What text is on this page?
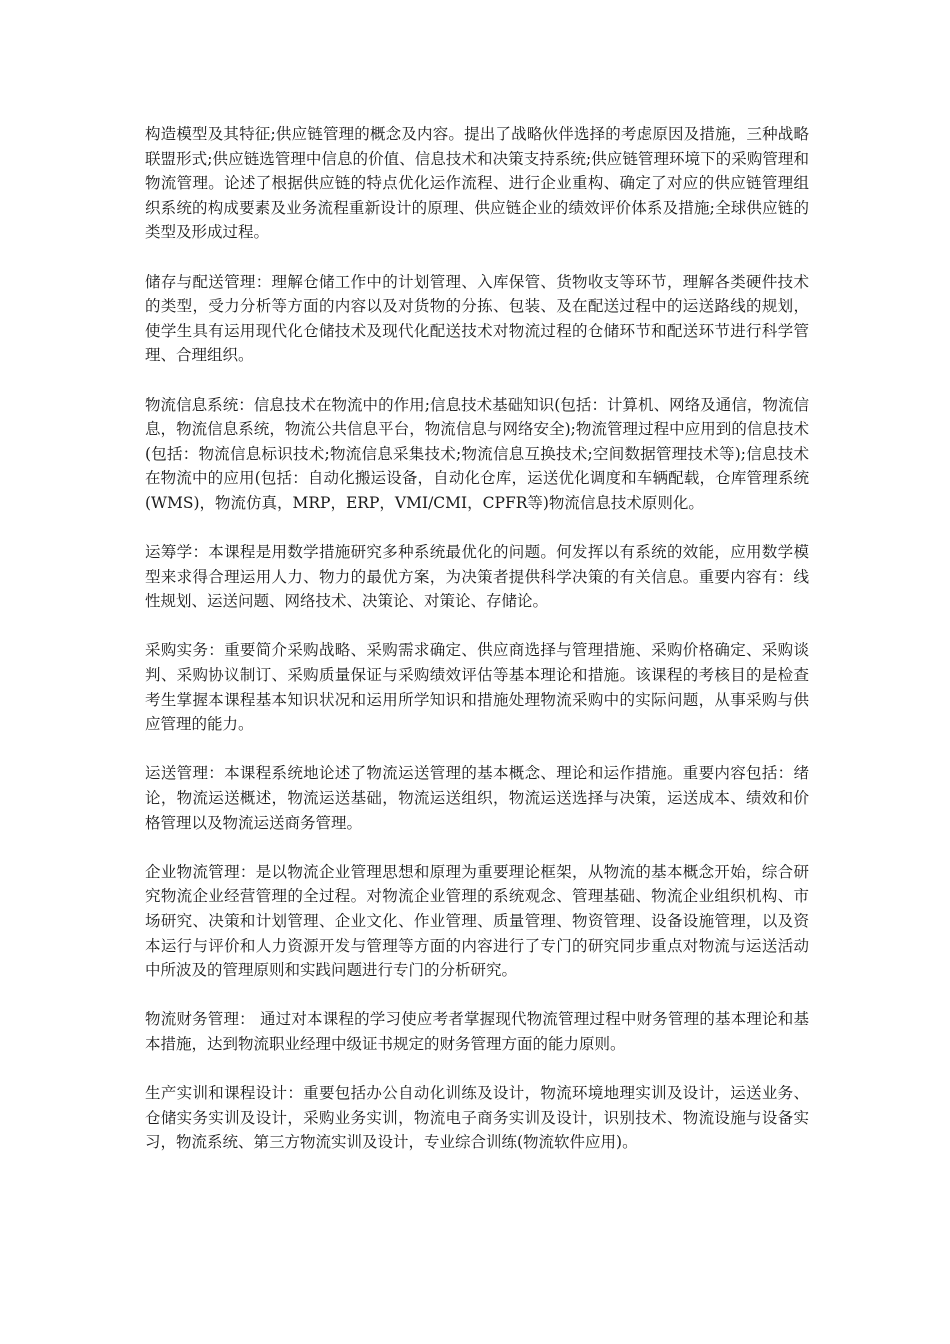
构造模型及其特征;供应链管理的概念及内容。提出了战略伙伴选择的考虑原因及措施，三种战略联盟形式;供应链选管理中信息的价值、信息技术和决策支持系统;供应链管理环境下的采购管理和物流管理。论述了根据供应链的特点优化运作流程、进行企业重构、确定了对应的供应链管理组织系统的构成要素及业务流程重新设计的原理、供应链企业的绩效评价体系及措施;全球供应链的类型及形成过程。

储存与配送管理：理解仓储工作中的计划管理、入库保管、货物收支等环节，理解各类硬件技术的类型，受力分析等方面的内容以及对货物的分拣、包装、及在配送过程中的运送路线的规划，使学生具有运用现代化仓储技术及现代化配送技术对物流过程的仓储环节和配送环节进行科学管理、合理组织。

物流信息系统：信息技术在物流中的作用;信息技术基础知识(包括：计算机、网络及通信，物流信息，物流信息系统，物流公共信息平台，物流信息与网络安全);物流管理过程中应用到的信息技术(包括：物流信息标识技术;物流信息采集技术;物流信息互换技术;空间数据管理技术等);信息技术在物流中的应用(包括：自动化搬运设备，自动化仓库，运送优化调度和车辆配载，仓库管理系统(WMS)，物流仿真，MRP，ERP，VMI/CMI，CPFR等)物流信息技术原则化。

运筹学：本课程是用数学措施研究多种系统最优化的问题。何发挥以有系统的效能，应用数学模型来求得合理运用人力、物力的最优方案，为决策者提供科学决策的有关信息。重要内容有：线性规划、运送问题、网络技术、决策论、对策论、存储论。

采购实务：重要简介采购战略、采购需求确定、供应商选择与管理措施、采购价格确定、采购谈判、采购协议制订、采购质量保证与采购绩效评估等基本理论和措施。该课程的考核目的是检查考生掌握本课程基本知识状况和运用所学知识和措施处理物流采购中的实际问题，从事采购与供应管理的能力。

运送管理：本课程系统地论述了物流运送管理的基本概念、理论和运作措施。重要内容包括：绪论，物流运送概述，物流运送基础，物流运送组织，物流运送选择与决策，运送成本、绩效和价格管理以及物流运送商务管理。

企业物流管理：是以物流企业管理思想和原理为重要理论框架，从物流的基本概念开始，综合研究物流企业经营管理的全过程。对物流企业管理的系统观念、管理基础、物流企业组织机构、市场研究、决策和计划管理、企业文化、作业管理、质量管理、物资管理、设备设施管理，以及资本运行与评价和人力资源开发与管理等方面的内容进行了专门的研究同步重点对物流与运送活动中所波及的管理原则和实践问题进行专门的分析研究。

物流财务管理： 通过对本课程的学习使应考者掌握现代物流管理过程中财务管理的基本理论和基本措施，达到物流职业经理中级证书规定的财务管理方面的能力原则。

生产实训和课程设计：重要包括办公自动化训练及设计，物流环境地理实训及设计，运送业务、仓储实务实训及设计，采购业务实训，物流电子商务实训及设计，识别技术、物流设施与设备实习，物流系统、第三方物流实训及设计，专业综合训练(物流软件应用)。
